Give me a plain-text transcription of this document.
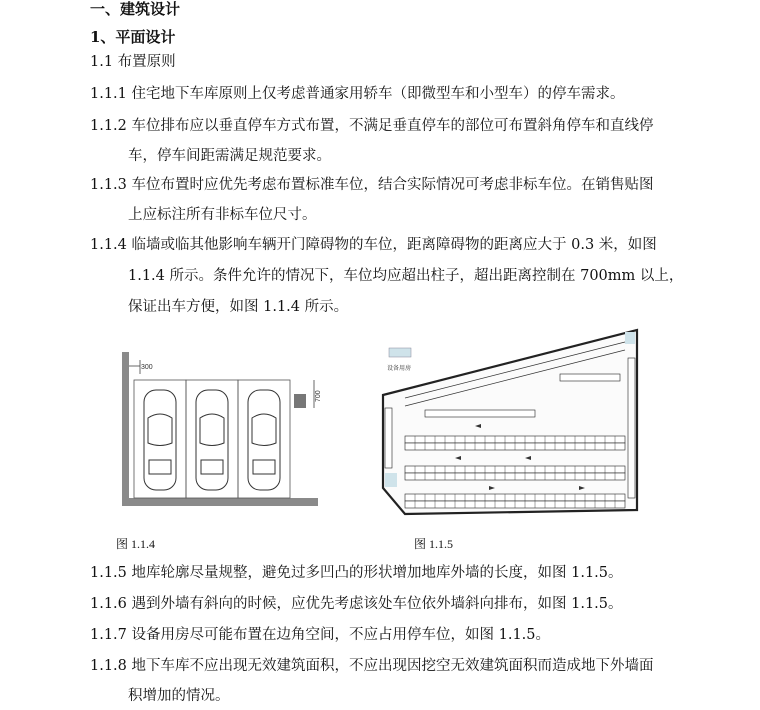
一、建筑设计
1、平面设计
1.1 布置原则
1.1.1 住宅地下车库原则上仅考虑普通家用轿车（即微型车和小型车）的停车需求。
1.1.2 车位排布应以垂直停车方式布置，不满足垂直停车的部位可布置斜角停车和直线停
车，停车间距需满足规范要求。
1.1.3 车位布置时应优先考虑布置标准车位，结合实际情况可考虑非标车位。在销售贴图
上应标注所有非标车位尺寸。
1.1.4 临墙或临其他影响车辆开门障碍物的车位，距离障碍物的距离应大于 0.3 米，如图
1.1.4 所示。条件允许的情况下，车位均应超出柱子，超出距离控制在 700mm 以上，
保证出车方便，如图 1.1.4 所示。
300
700
设备用房
图 1.1.4	图 1.1.5
1.1.5 地库轮廓尽量规整，避免过多凹凸的形状增加地库外墙的长度，如图 1.1.5。
1.1.6 遇到外墙有斜向的时候，应优先考虑该处车位依外墙斜向排布，如图 1.1.5。
1.1.7 设备用房尽可能布置在边角空间，不应占用停车位，如图 1.1.5。
1.1.8 地下车库不应出现无效建筑面积，不应出现因挖空无效建筑面积而造成地下外墙面
积增加的情况。
